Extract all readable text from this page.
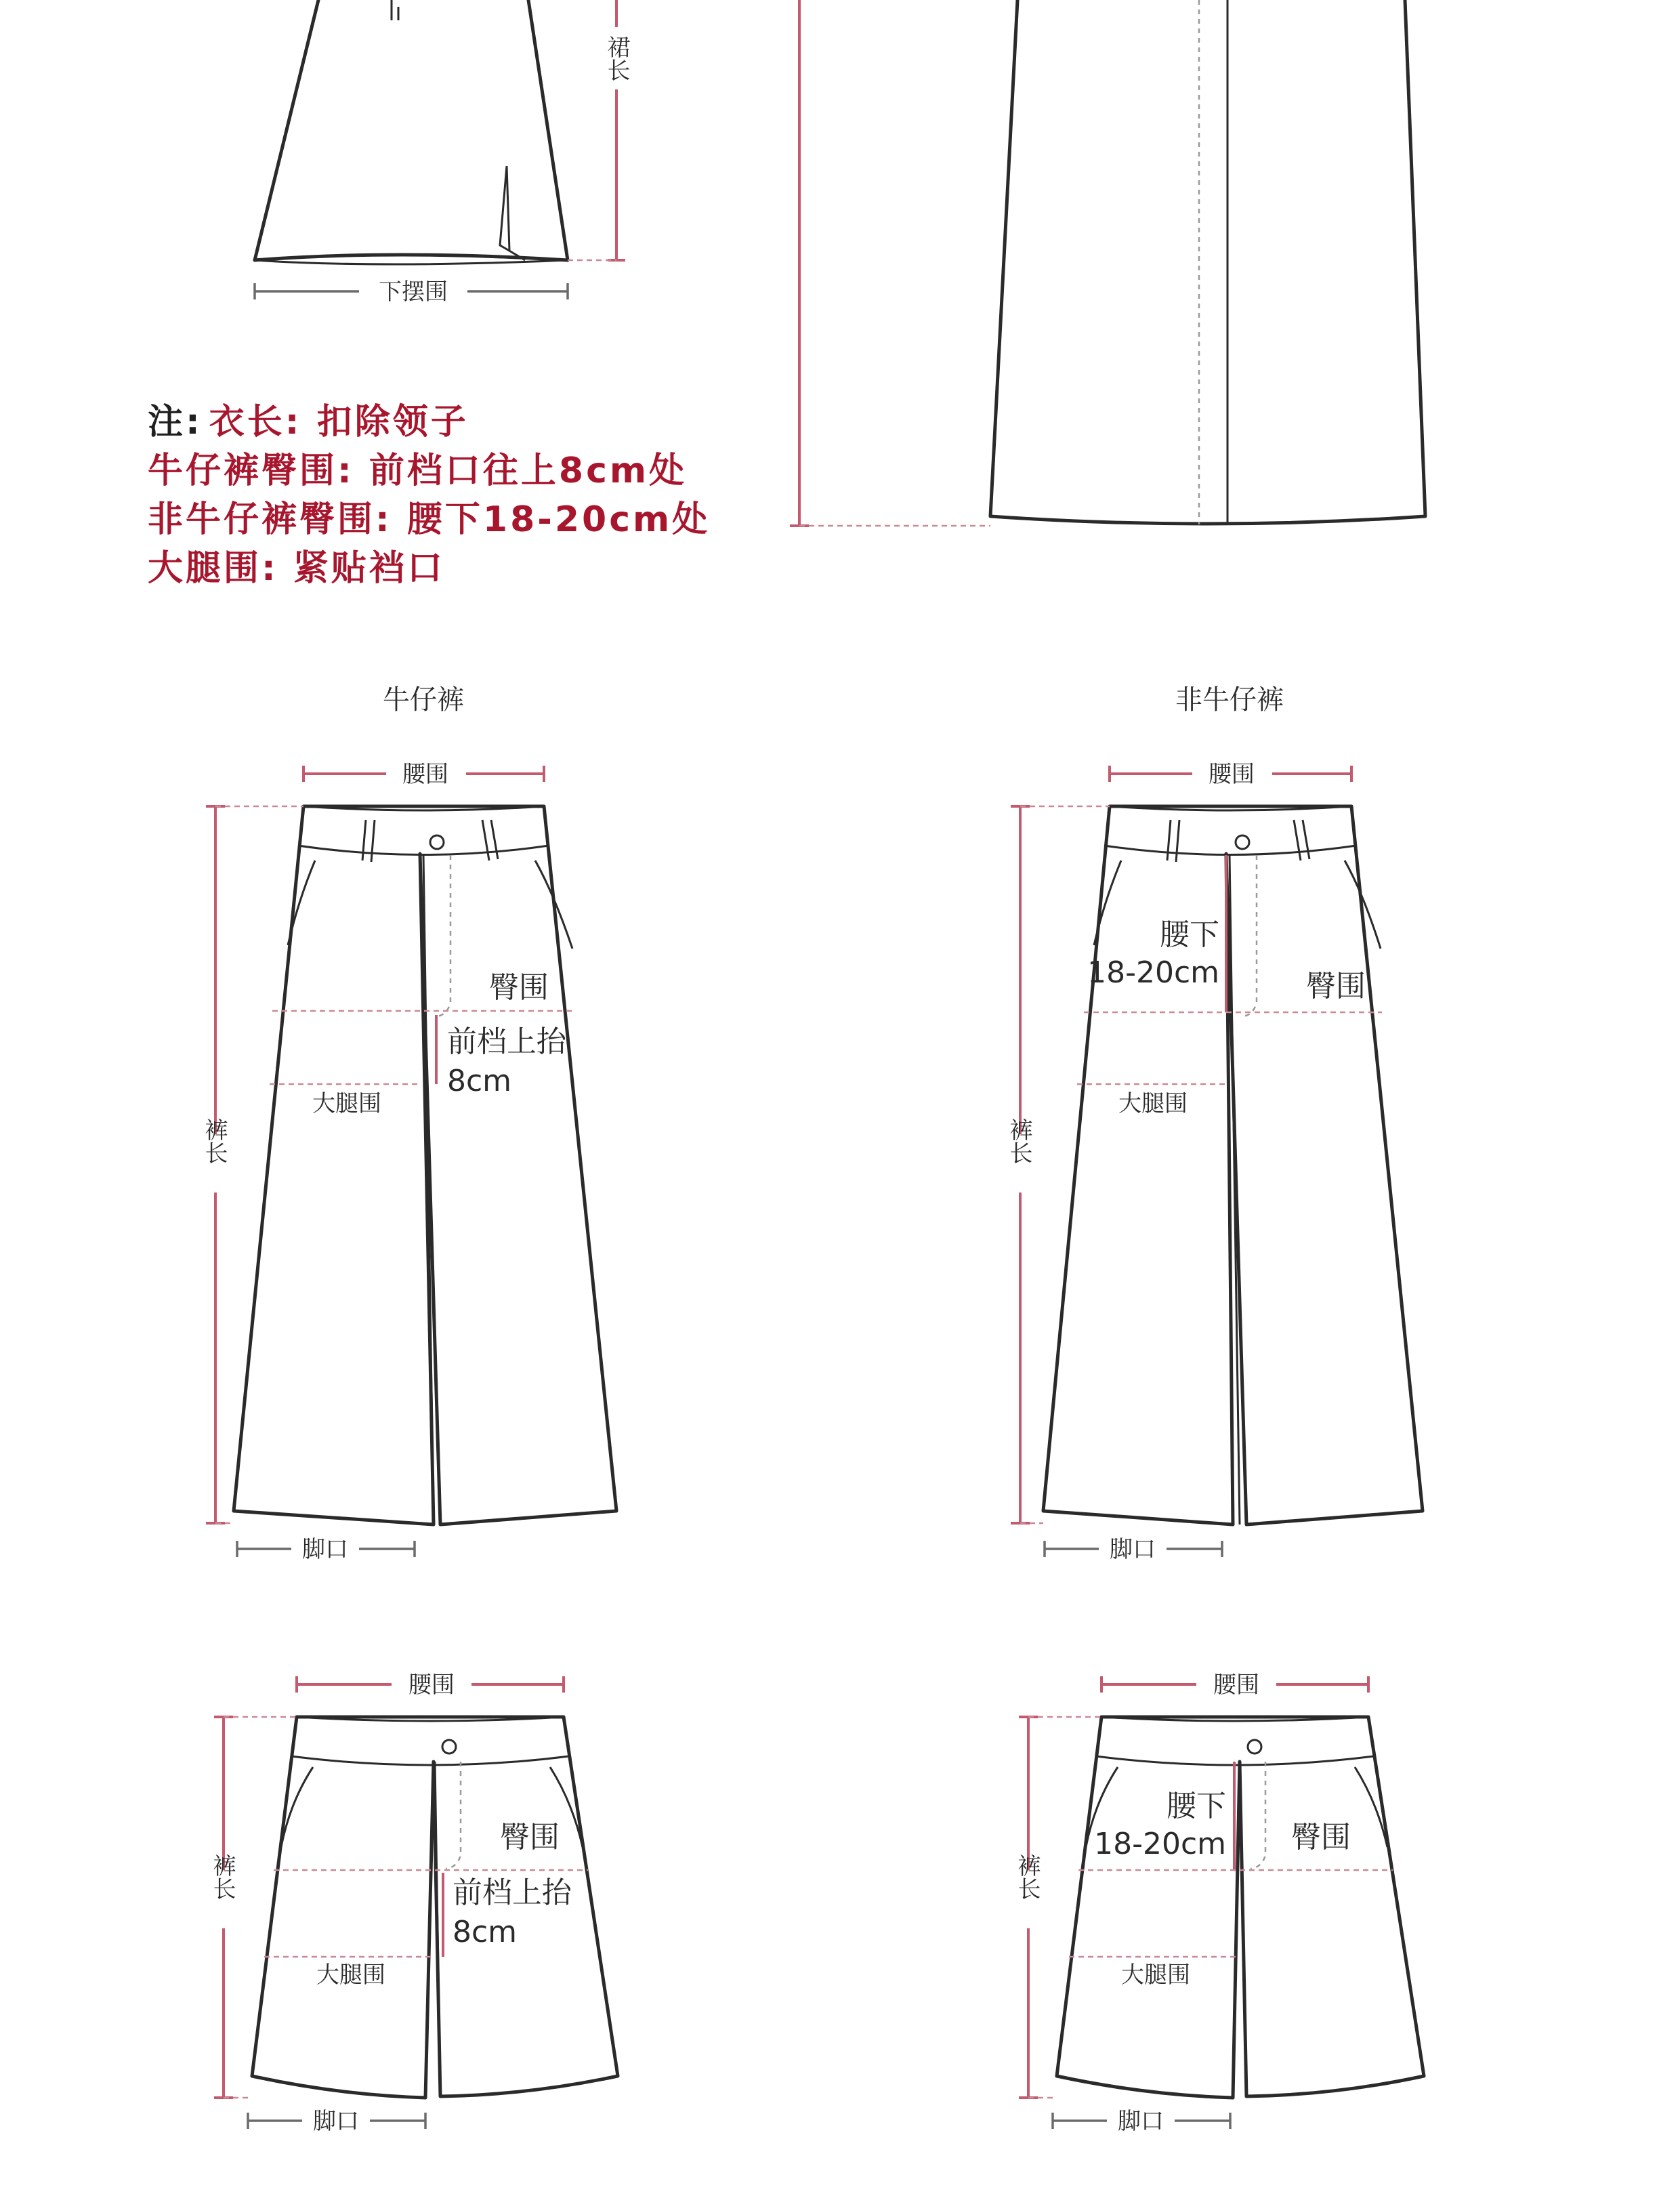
裙长
下摆围
注: 衣长: 扣除领子
牛仔裤臀围: 前档口往上8cm处
非牛仔裤臀围: 腰下18-20cm处
大腿围: 紧贴裆口
牛仔裤	非牛仔裤
腰围
裤长
臀围
前档上抬
8cm
大腿围
脚口
腰围
裤长
腰下
18-20cm	臀围
大腿围
脚口
腰围
裤长
臀围
前档上抬
8cm
大腿围
脚口
腰围
裤长
腰下
18-20cm 臀围
大腿围
脚口
